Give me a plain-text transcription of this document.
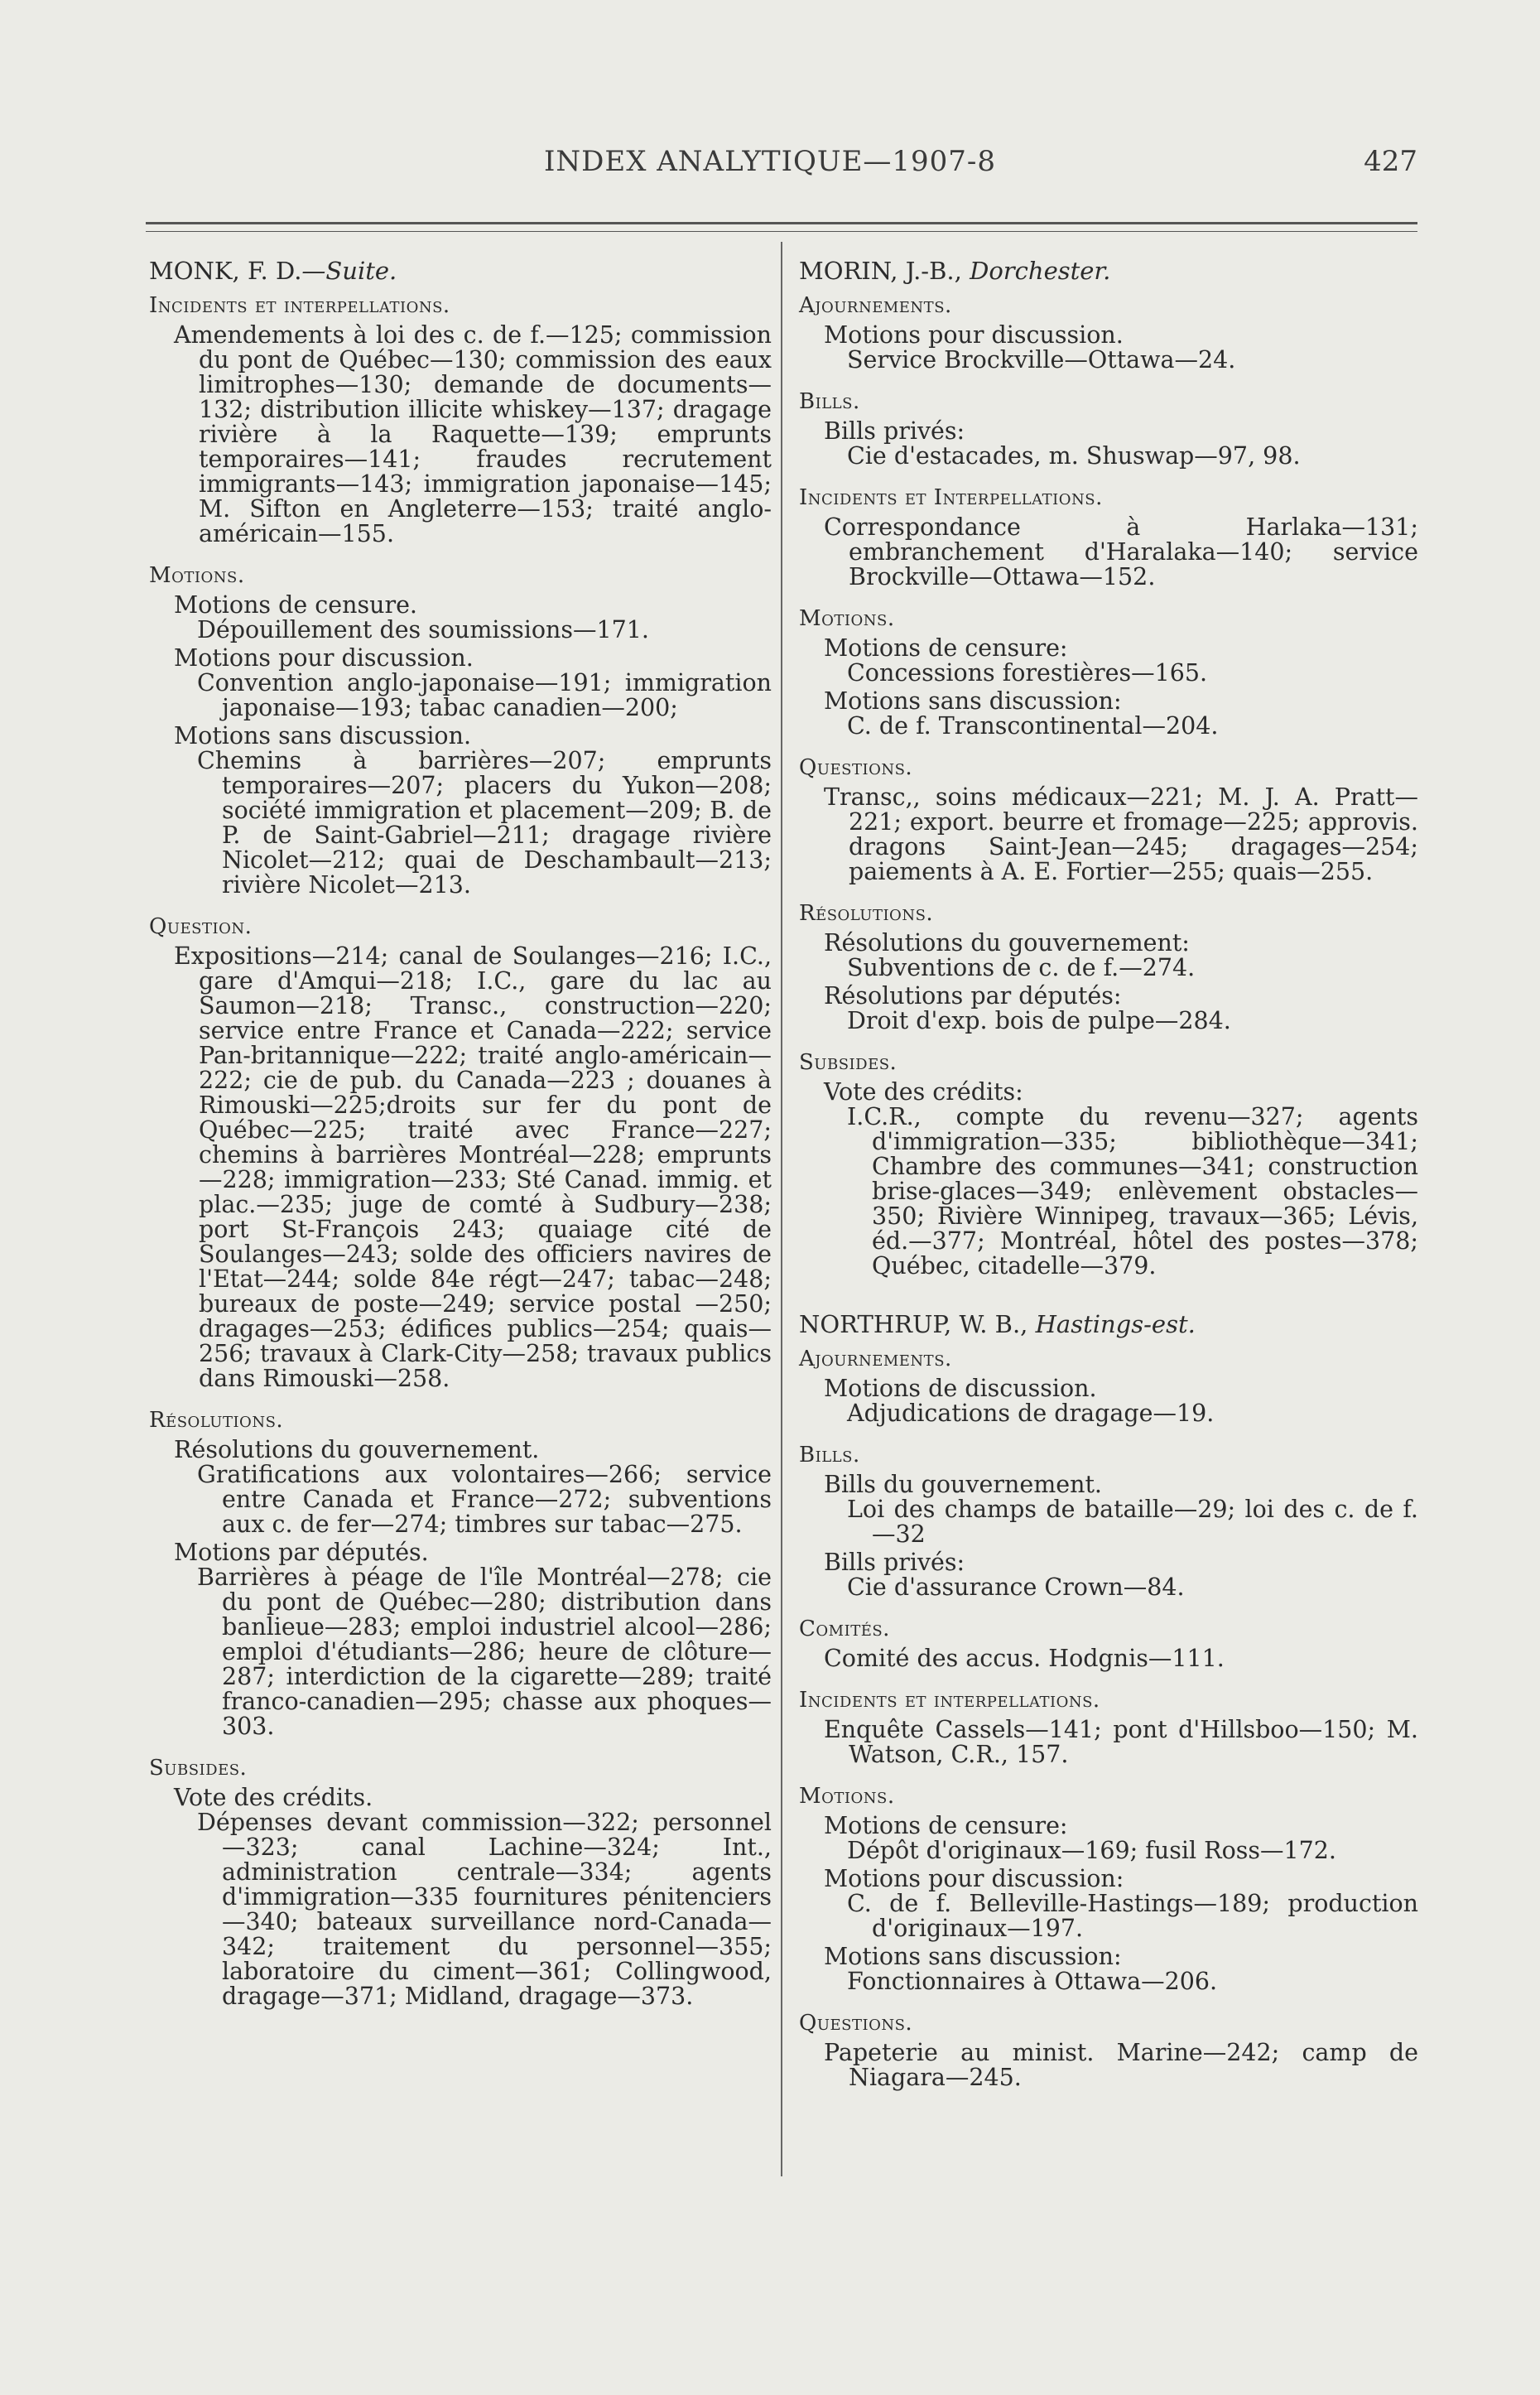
INDEX ANALYTIQUE—1907-8	427
MONK, F. D.—Suite.
Incidents et interpellations.
Amendements à loi des c. de f.—125; commission du pont de Québec—130; commission des eaux limitrophes—130; demande de documents—132; distribution illicite whiskey—137; dragage rivière à la Raquette—139; emprunts temporaires—141; fraudes recrutement immigrants—143; immigration japonaise—145; M. Sifton en Angleterre—153; traité anglo-américain—155.
Motions.
Motions de censure.
Dépouillement des soumissions—171.
Motions pour discussion.
Convention anglo-japonaise—191; immigration japonaise—193; tabac canadien—200;
Motions sans discussion.
Chemins à barrières—207; emprunts temporaires—207; placers du Yukon—208; société immigration et placement—209; B. de P. de Saint-Gabriel—211; dragage rivière Nicolet—212; quai de Deschambault—213; rivière Nicolet—213.
Question.
Expositions—214; canal de Soulanges—216; I.C., gare d'Amqui—218; I.C., gare du lac au Saumon—218; Transc., construction—220; service entre France et Canada—222; service Pan-britannique—222; traité anglo-américain—222; cie de pub. du Canada—223 ; douanes à Rimouski—225;droits sur fer du pont de Québec—225; traité avec France—227; chemins à barrières Montréal—228; emprunts—228; immigration—233; Sté Canad. immig. et plac.—235; juge de comté à Sudbury—238; port St-François 243; quaiage cité de Soulanges—243; solde des officiers navires de l'Etat—244; solde 84e régt—247; tabac—248; bureaux de poste—249; service postal —250; dragages—253; édifices publics—254; quais—256; travaux à Clark-City—258; travaux publics dans Rimouski—258.
Résolutions.
Résolutions du gouvernement.
Gratifications aux volontaires—266; service entre Canada et France—272; subventions aux c. de fer—274; timbres sur tabac—275.
Motions par députés.
Barrières à péage de l'île Montréal—278; cie du pont de Québec—280; distribution dans banlieue—283; emploi industriel alcool—286; emploi d'étudiants—286; heure de clôture—287; interdiction de la cigarette—289; traité franco-canadien—295; chasse aux phoques—303.
Subsides.
Vote des crédits.
Dépenses devant commission—322; personnel—323; canal Lachine—324; Int., administration centrale—334; agents d'immigration—335 fournitures pénitenciers—340; bateaux surveillance nord-Canada—342; traitement du personnel—355; laboratoire du ciment—361; Collingwood, dragage—371; Midland, dragage—373.
MORIN, J.-B., Dorchester.
Ajournements.
Motions pour discussion.
Service Brockville—Ottawa—24.
Bills.
Bills privés:
Cie d'estacades, m. Shuswap—97, 98.
Incidents et Interpellations.
Correspondance à Harlaka—131; embranchement d'Haralaka—140; service Brockville—Ottawa—152.
Motions.
Motions de censure:
Concessions forestières—165.
Motions sans discussion:
C. de f. Transcontinental—204.
Questions.
Transc,, soins médicaux—221; M. J. A. Pratt—221; export. beurre et fromage—225; approvis. dragons Saint-Jean—245; dragages—254; paiements à A. E. Fortier—255; quais—255.
Résolutions.
Résolutions du gouvernement:
Subventions de c. de f.—274.
Résolutions par députés:
Droit d'exp. bois de pulpe—284.
Subsides.
Vote des crédits:
I.C.R., compte du revenu—327; agents d'immigration—335; bibliothèque—341; Chambre des communes—341; construction brise-glaces—349; enlèvement obstacles—350; Rivière Winnipeg, travaux—365; Lévis, éd.—377; Montréal, hôtel des postes—378; Québec, citadelle—379.
NORTHRUP, W. B., Hastings-est.
Ajournements.
Motions de discussion.
Adjudications de dragage—19.
Bills.
Bills du gouvernement.
Loi des champs de bataille—29; loi des c. de f.—32
Bills privés:
Cie d'assurance Crown—84.
Comités.
Comité des accus. Hodgnis—111.
Incidents et interpellations.
Enquête Cassels—141; pont d'Hillsboo—150; M. Watson, C.R., 157.
Motions.
Motions de censure:
Dépôt d'originaux—169; fusil Ross—172.
Motions pour discussion:
C. de f. Belleville-Hastings—189; production d'originaux—197.
Motions sans discussion:
Fonctionnaires à Ottawa—206.
Questions.
Papeterie au minist. Marine—242; camp de Niagara—245.
